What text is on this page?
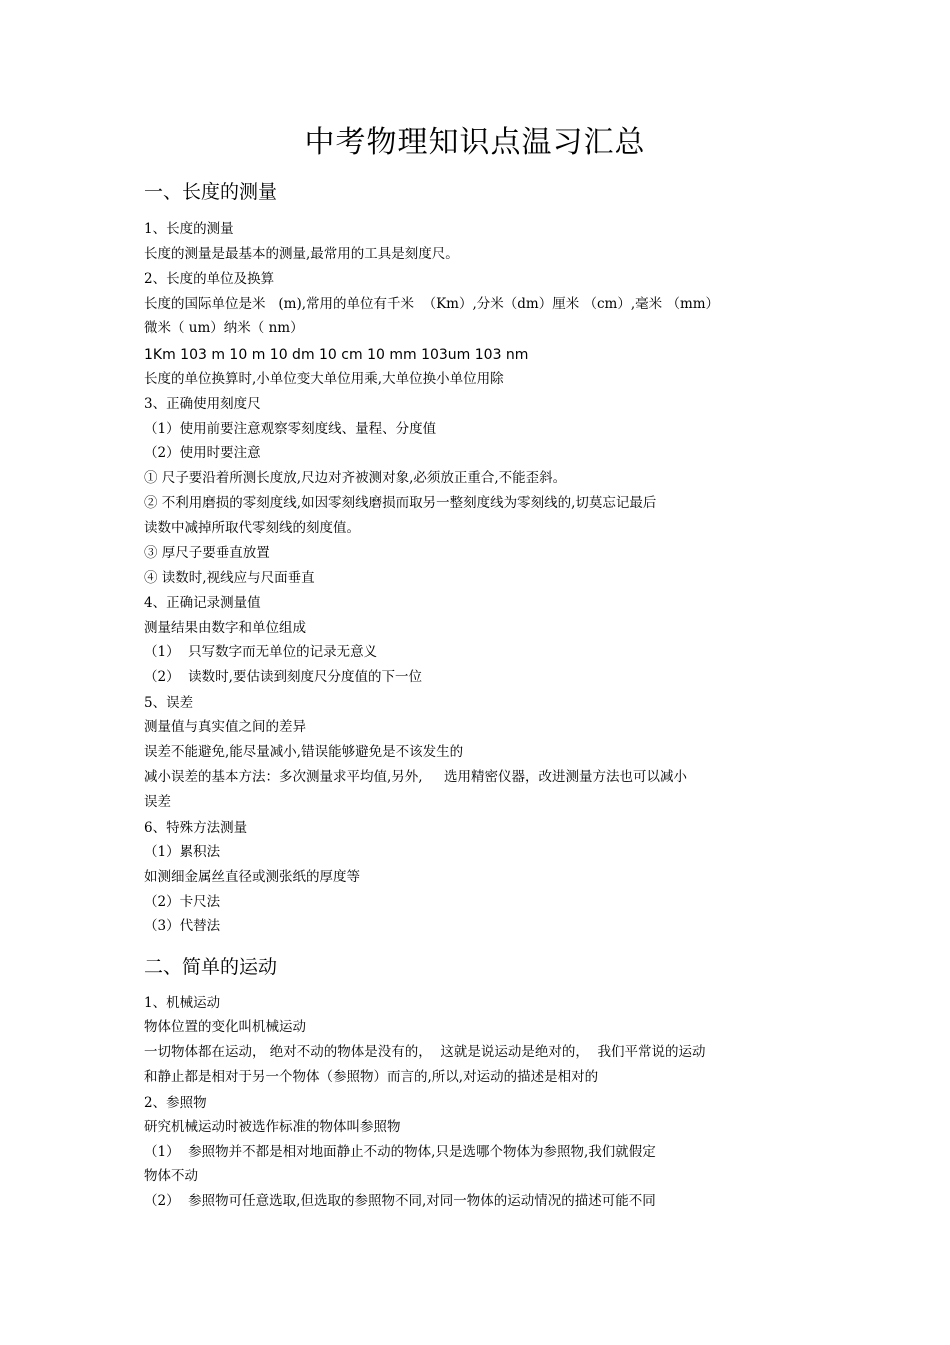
中考物理知识点温习汇总
一、长度的测量

1、长度的测量

长度的测量是最基本的测量,最常用的工具是刻度尺。

2、长度的单位及换算

长度的国际单位是米   (m),常用的单位有千米  （Km）,分米（dm）厘米 （cm）,毫米 （mm）

微米（ um）纳米（ nm）

1Km 103 m 10 m 10 dm 10 cm 10 mm 103um 103 nm

长度的单位换算时,小单位变大单位用乘,大单位换小单位用除

3、正确使用刻度尺

（1）使用前要注意观察零刻度线、量程、分度值

（2）使用时要注意

① 尺子要沿着所测长度放,尺边对齐被测对象,必须放正重合,不能歪斜。

② 不利用磨损的零刻度线,如因零刻线磨损而取另一整刻度线为零刻线的,切莫忘记最后

读数中减掉所取代零刻线的刻度值。

③ 厚尺子要垂直放置

④ 读数时,视线应与尺面垂直

4、正确记录测量值

测量结果由数字和单位组成

（1）  只写数字而无单位的记录无意义

（2）  读数时,要估读到刻度尺分度值的下一位

5、误差

测量值与真实值之间的差异

误差不能避免,能尽量减小,错误能够避免是不该发生的

减小误差的基本方法：多次测量求平均值,另外,     选用精密仪器，改进测量方法也可以减小

误差

6、特殊方法测量

（1）累积法

如测细金属丝直径或测张纸的厚度等

（2）卡尺法

（3）代替法

二、简单的运动

1、机械运动

物体位置的变化叫机械运动

一切物体都在运动， 绝对不动的物体是没有的，  这就是说运动是绝对的，  我们平常说的运动

和静止都是相对于另一个物体（参照物）而言的,所以,对运动的描述是相对的

2、参照物

研究机械运动时被选作标准的物体叫参照物

（1）  参照物并不都是相对地面静止不动的物体,只是选哪个物体为参照物,我们就假定

物体不动

（2）  参照物可任意选取,但选取的参照物不同,对同一物体的运动情况的描述可能不同
